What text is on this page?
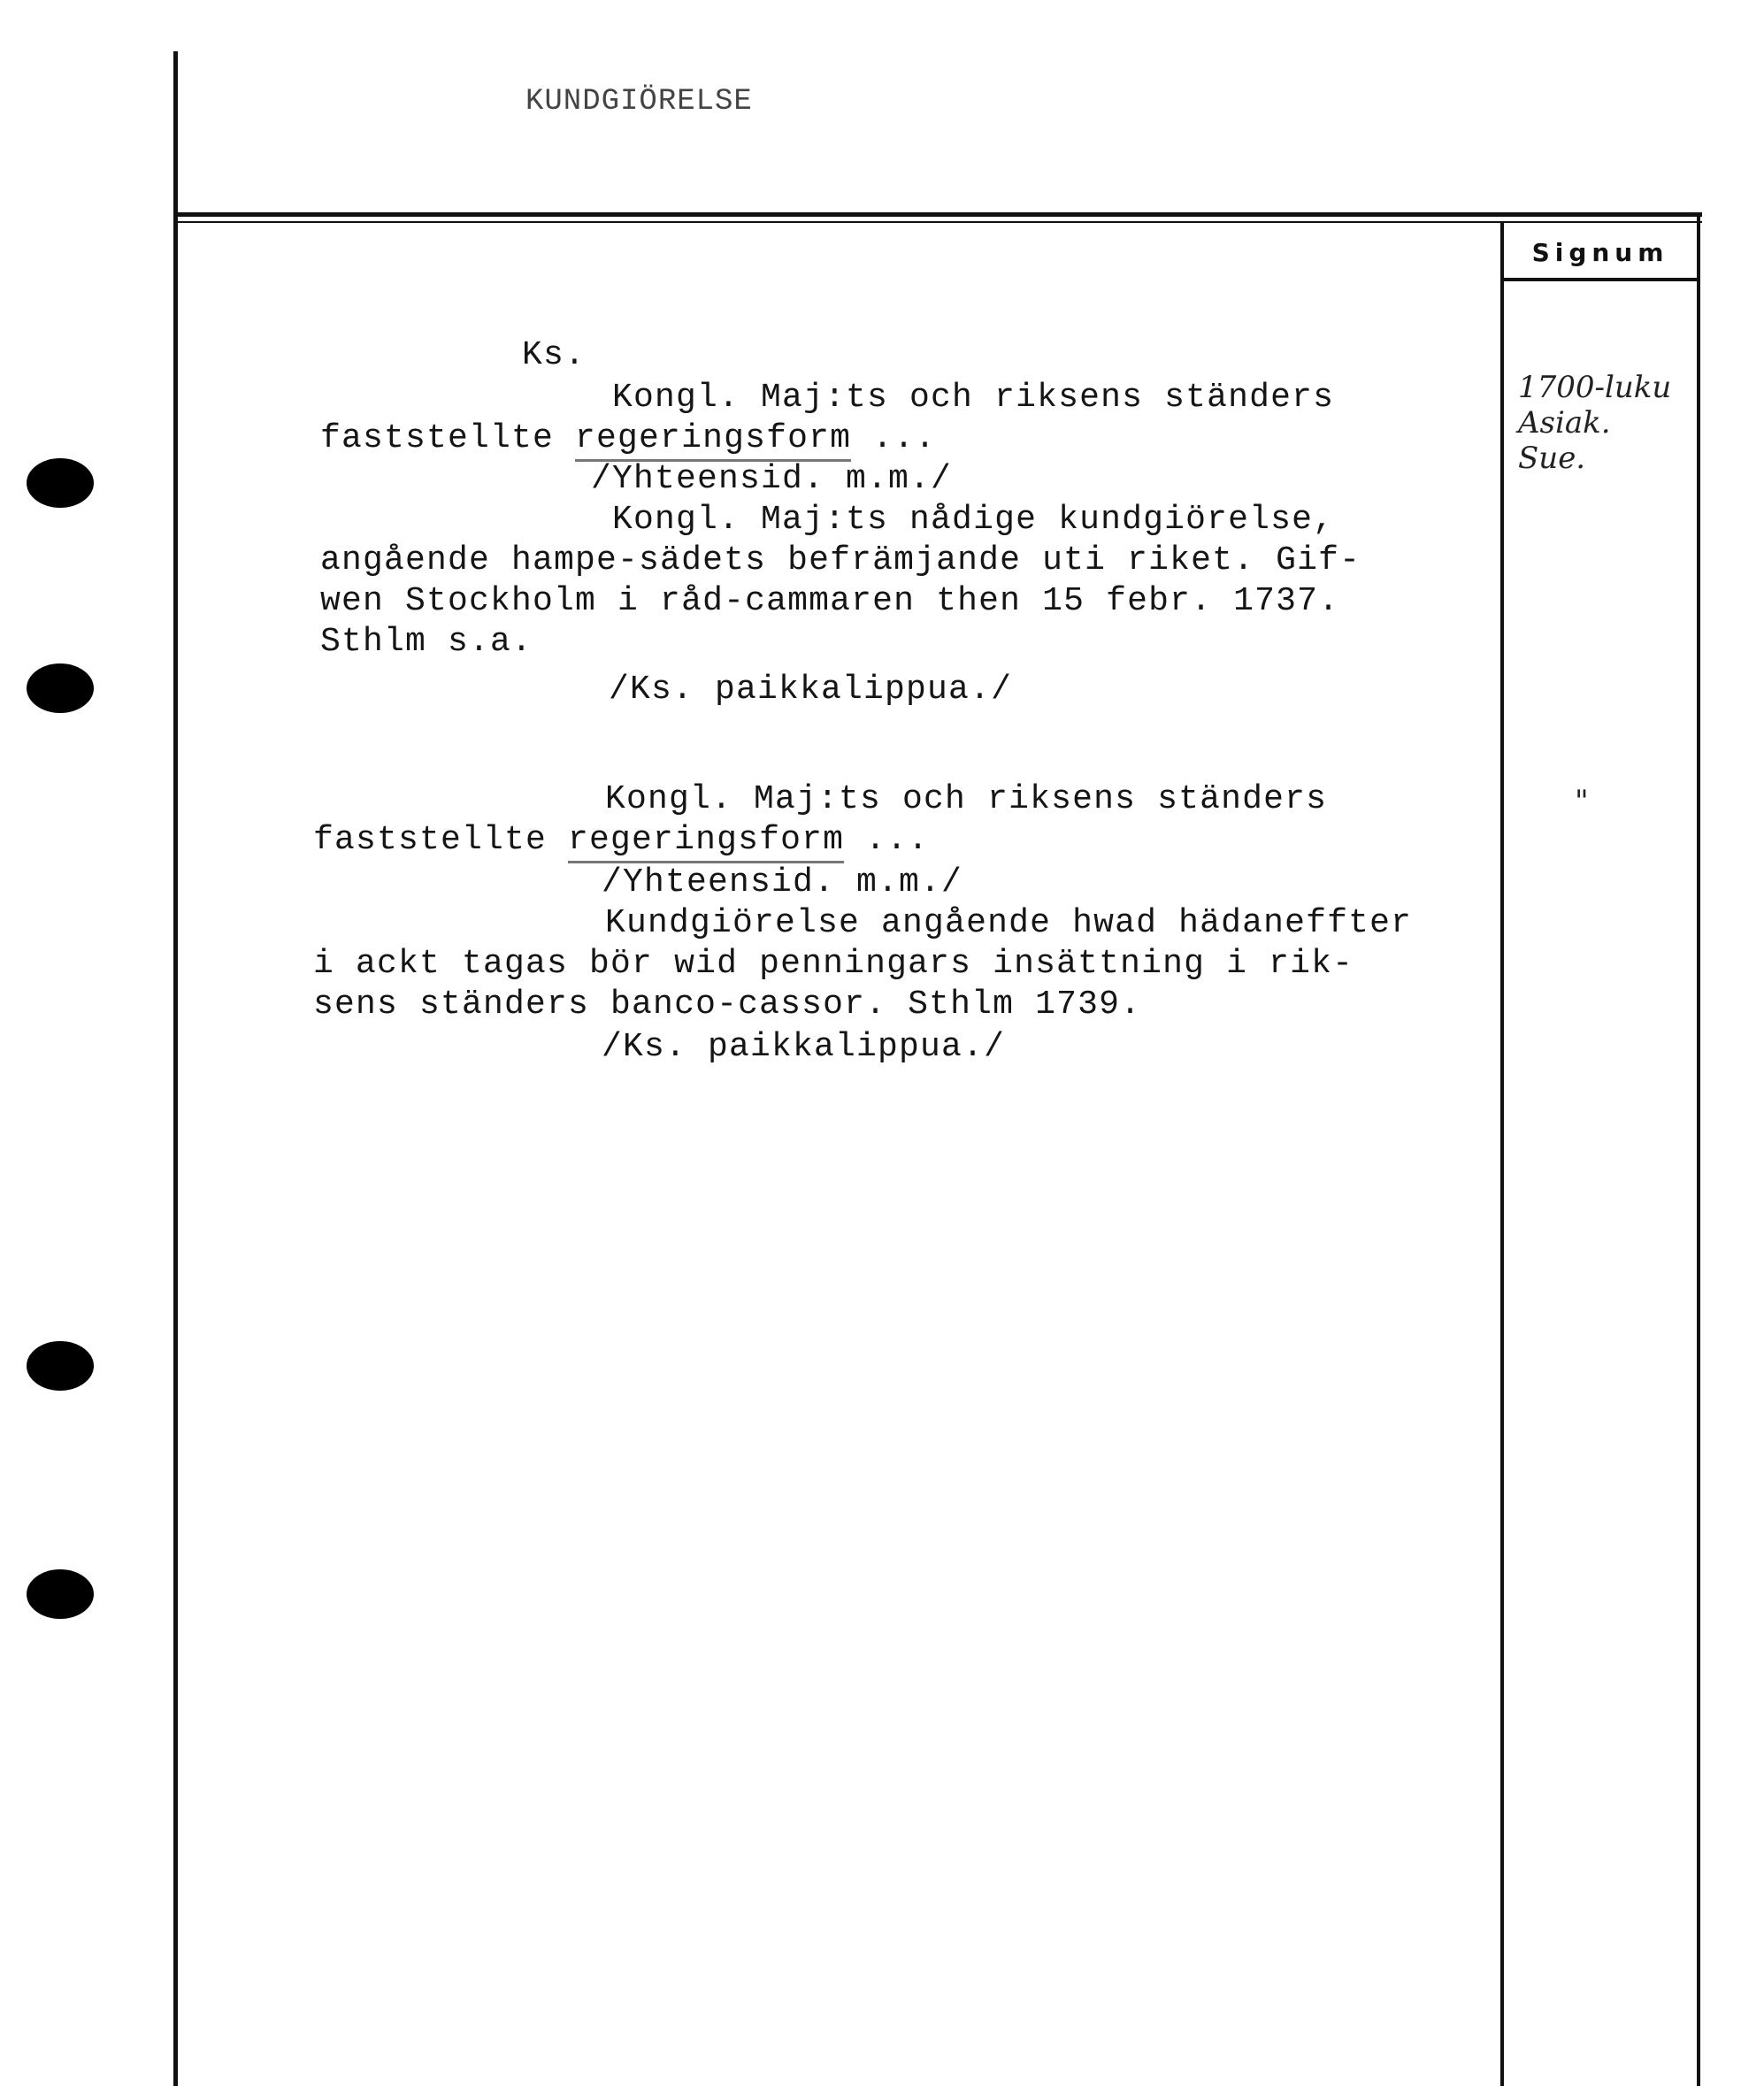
KUNDGIÖRELSE
Signum
Ks.
Kongl. Maj:ts och riksens ständers
faststellte regeringsform ...
/Yhteensid. m.m./
Kongl. Maj:ts nådige kundgiörelse,
angående hampe-sädets befrämjande uti riket. Gif-
wen Stockholm i råd-cammaren then 15 febr. 1737.
Sthlm s.a.
/Ks. paikkalippua./
1700-luku
Asiak.
Sue.
Kongl. Maj:ts och riksens ständers
faststellte regeringsform ...
/Yhteensid. m.m./
Kundgiörelse angående hwad hädaneffter
i ackt tagas bör wid penningars insättning i rik-
sens ständers banco-cassor. Sthlm 1739.
/Ks. paikkalippua./
"
